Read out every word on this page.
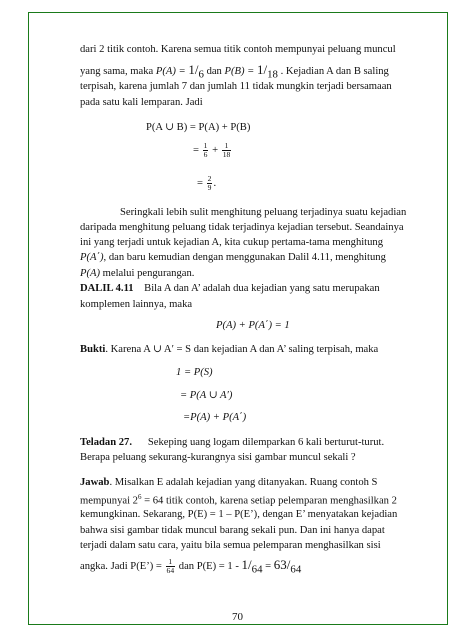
dari 2 titik contoh. Karena semua titik contoh mempunyai peluang muncul
yang sama, maka $P(A) = 1/_6$ dan $P(B) = 1/_{18}$ . Kejadian A dan B saling
terpisah, karena jumlah 7 dan jumlah 11 tidak mungkin terjadi bersamaan
pada satu kali lemparan. Jadi
P(A ∪ B) = P(A) + P(B)
= $\frac{1}{6} + \frac{1}{18}$
= $\frac{2}{9}$ .
Seringkali lebih sulit menghitung peluang terjadinya suatu kejadian
daripada menghitung peluang tidak terjadinya kejadian tersebut. Seandainya
ini yang terjadi untuk kejadian A, kita cukup pertama-tama menghitung
P(A΄), dan baru kemudian dengan menggunakan Dalil 4.11, menghitung
P(A) melalui pengurangan.
DALIL 4.11 Bila A dan A’ adalah dua kejadian yang satu merupakan
komplemen lainnya, maka
P(A) + P(A΄) = 1
Bukti. Karena A ∪ A′ = S dan kejadian A dan A’ saling terpisah, maka
1 = P(S)
= P(A ∪ A′)
=P(A) + P(A΄)
Teladan 27. Sekeping uang logam dilemparkan 6 kali berturut-turut.
Berapa peluang sekurang-kurangnya sisi gambar muncul sekali ?
Jawab. Misalkan E adalah kejadian yang ditanyakan. Ruang contoh S
mempunyai $2^6 = 64$ titik contoh, karena setiap pelemparan menghasilkan 2
kemungkinan. Sekarang, P(E) = 1 – P(E’), dengan E’ menyatakan kejadian
bahwa sisi gambar tidak muncul barang sekali pun. Dan ini hanya dapat
terjadi dalam satu cara, yaitu bila semua pelemparan menghasilkan sisi
angka. Jadi P(E’) = $\frac{1}{64}$ dan $P(E) = 1 - 1/_{64} = 63/_{64}$
70
